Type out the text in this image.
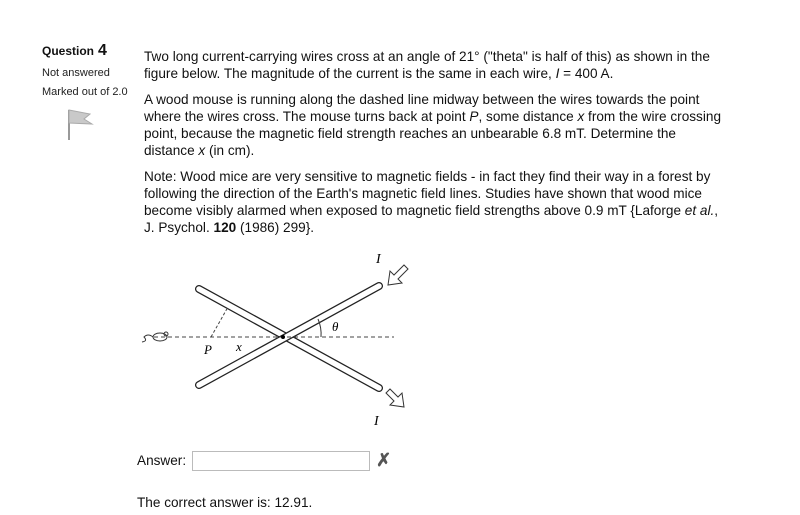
Question 4
Not answered
Marked out of 2.0

Two long current-carrying wires cross at an angle of 21° ("theta" is half of this) as shown in the figure below. The magnitude of the current is the same in each wire, I = 400 A.

A wood mouse is running along the dashed line midway between the wires towards the point where the wires cross. The mouse turns back at point P, some distance x from the wire crossing point, because the magnetic field strength reaches an unbearable 6.8 mT. Determine the distance x (in cm).

Note: Wood mice are very sensitive to magnetic fields - in fact they find their way in a forest by following the direction of the Earth's magnetic field lines. Studies have shown that wood mice become visibly alarmed when exposed to magnetic field strengths above 0.9 mT {Laforge et al., J. Psychol. 120 (1986) 299}.

I
I
θ
P x
Answer:	✗
The correct answer is: 12.91.
